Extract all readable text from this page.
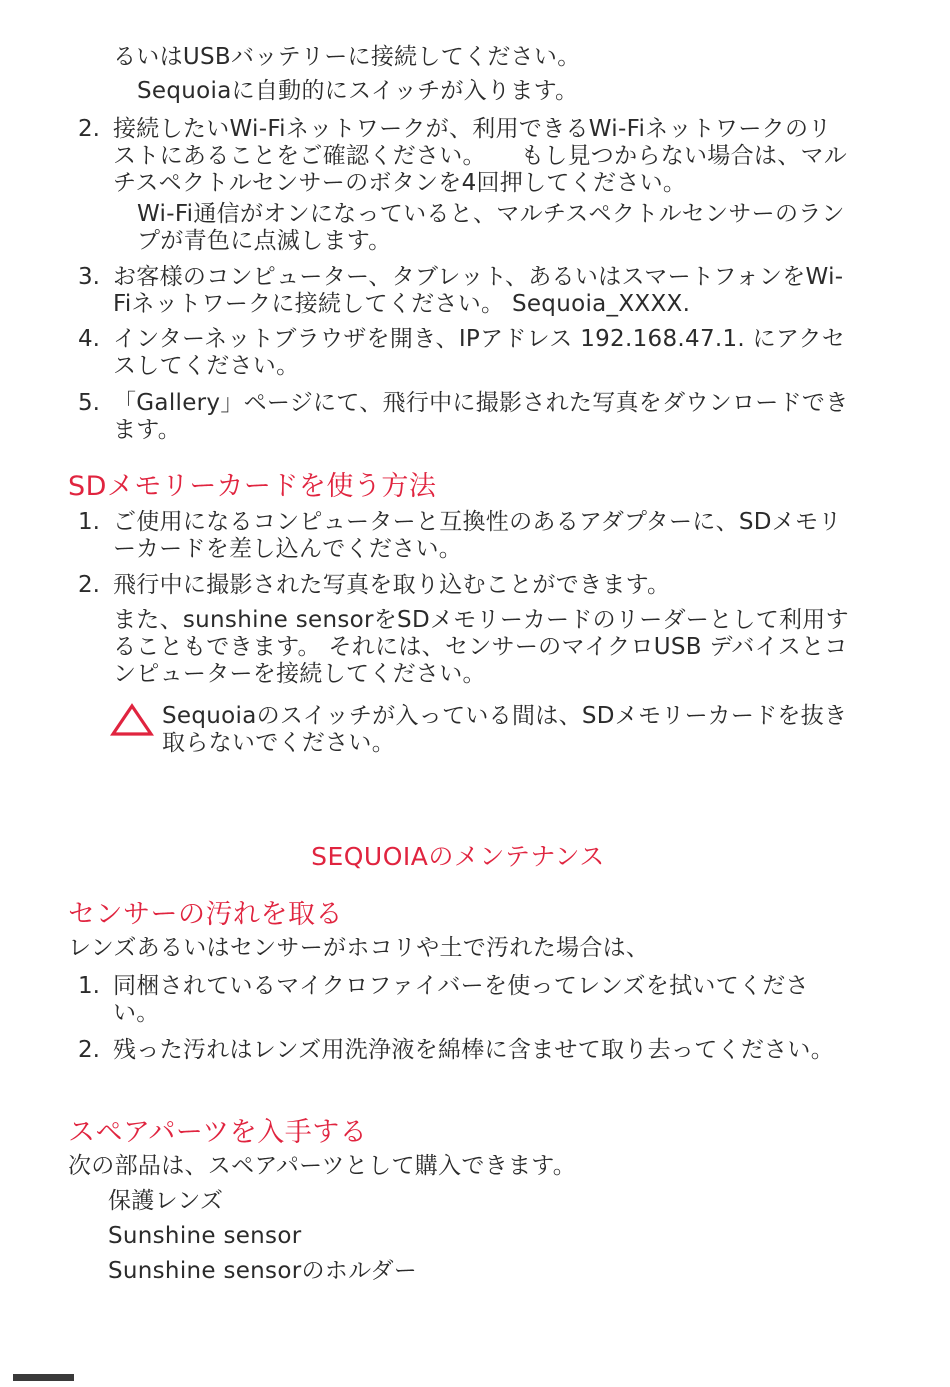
るいはUSBバッテリーに接続してください。

Sequoiaに自動的にスイッチが入ります。

2. 接続したいWi-Fiネットワークが、利用できるWi-Fiネットワークのリストにあることをご確認ください。　　もし見つからない場合は、マルチスペクトルセンサーのボタンを4回押してください。

Wi-Fi通信がオンになっていると、マルチスペクトルセンサーのランプが青色に点滅します。

3. お客様のコンピューター、タブレット、あるいはスマートフォンをWi-Fiネットワークに接続してください。 Sequoia_XXXX.

4. インターネットブラウザを開き、IPアドレス 192.168.47.1. にアクセスしてください。

5. 「Gallery」ページにて、飛行中に撮影された写真をダウンロードできます。

SDメモリーカードを使う方法
1. ご使用になるコンピューターと互換性のあるアダプターに、SDメモリーカードを差し込んでください。

2. 飛行中に撮影された写真を取り込むことができます。

また、sunshine sensorをSDメモリーカードのリーダーとして利用することもできます。 それには、センサーのマイクロUSB デバイスとコンピューターを接続してください。

Sequoiaのスイッチが入っている間は、SDメモリーカードを抜き取らないでください。

SEQUOIAのメンテナンス
センサーの汚れを取る

レンズあるいはセンサーがホコリや土で汚れた場合は、

1. 同梱されているマイクロファイバーを使ってレンズを拭いてください。

2. 残った汚れはレンズ用洗浄液を綿棒に含ませて取り去ってください。

スペアパーツを入手する

次の部品は、スペアパーツとして購入できます。

保護レンズ

Sunshine sensor

Sunshine sensorのホルダー
